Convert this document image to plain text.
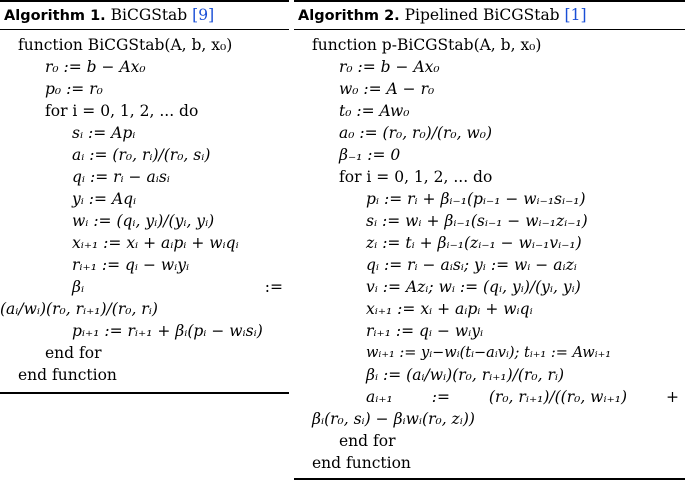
Algorithm 1. BiCGStab [9]
function BiCGStab(A, b, x₀)
r₀ := b − Ax₀
p₀ := r₀
for i = 0, 1, 2, ... do
sᵢ := Apᵢ
aᵢ := (r₀, rᵢ)/(r₀, sᵢ)
qᵢ := rᵢ − aᵢsᵢ
yᵢ := Aqᵢ
wᵢ := (qᵢ, yᵢ)/(yᵢ, yᵢ)
xᵢ₊₁ := xᵢ + aᵢpᵢ + wᵢqᵢ
rᵢ₊₁ := qᵢ − wᵢyᵢ
βᵢ	:=
(aᵢ/wᵢ)(r₀, rᵢ₊₁)/(r₀, rᵢ)
pᵢ₊₁ := rᵢ₊₁ + βᵢ(pᵢ − wᵢsᵢ)
end for
end function
Algorithm 2. Pipelined BiCGStab [1]
function p-BiCGStab(A, b, x₀)
r₀ := b − Ax₀
w₀ := A − r₀
t₀ := Aw₀
a₀ := (r₀, r₀)/(r₀, w₀)
β₋₁ := 0
for i = 0, 1, 2, ... do
pᵢ := rᵢ + βᵢ₋₁(pᵢ₋₁ − wᵢ₋₁sᵢ₋₁)
sᵢ := wᵢ + βᵢ₋₁(sᵢ₋₁ − wᵢ₋₁zᵢ₋₁)
zᵢ := tᵢ + βᵢ₋₁(zᵢ₋₁ − wᵢ₋₁vᵢ₋₁)
qᵢ := rᵢ − aᵢsᵢ; yᵢ := wᵢ − aᵢzᵢ
vᵢ := Azᵢ; wᵢ := (qᵢ, yᵢ)/(yᵢ, yᵢ)
xᵢ₊₁ := xᵢ + aᵢpᵢ + wᵢqᵢ
rᵢ₊₁ := qᵢ − wᵢyᵢ
wᵢ₊₁ := yᵢ−wᵢ(tᵢ−aᵢvᵢ); tᵢ₊₁ := Awᵢ₊₁
βᵢ := (aᵢ/wᵢ)(r₀, rᵢ₊₁)/(r₀, rᵢ)
aᵢ₊₁	:=	(r₀, rᵢ₊₁)/((r₀, wᵢ₊₁)	+
βᵢ(r₀, sᵢ) − βᵢwᵢ(r₀, zᵢ))
end for
end function
